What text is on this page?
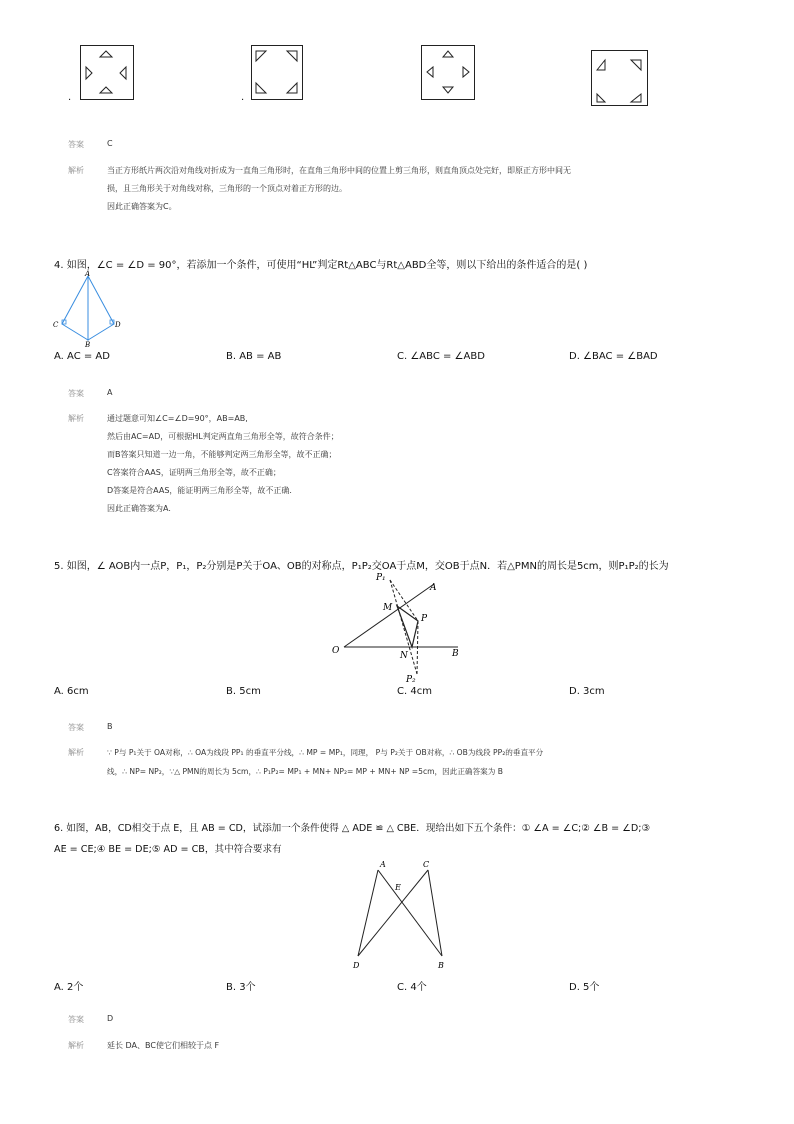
.	.
答案	C
解析	当正方形纸片两次沿对角线对折成为一直角三角形时，在直角三角形中间的位置上剪三角形，则直角顶点处完好，即原正方形中间无
损，且三角形关于对角线对称，三角形的一个顶点对着正方形的边。
因此正确答案为C。
4. 如图，∠C = ∠D = 90°，若添加一个条件，可使用“HL”判定Rt△ABC与Rt△ABD全等，则以下给出的条件适合的是( )
A
C	D
B
A. AC = AD	B. AB = AB	C. ∠ABC = ∠ABD	D. ∠BAC = ∠BAD
答案	A
解析	通过题意可知∠C=∠D=90°，AB=AB,
然后由AC=AD，可根据HL判定两直角三角形全等，故符合条件；
而B答案只知道一边一角，不能够判定两三角形全等，故不正确；
C答案符合AAS，证明两三角形全等，故不正确；
D答案是符合AAS，能证明两三角形全等，故不正确.
因此正确答案为A.
5. 如图，∠ AOB内一点P，P₁，P₂分别是P关于OA、OB的对称点，P₁P₂交OA于点M，交OB于点N．若△PMN的周长是5cm，则P₁P₂的长为
P₁
A
M
P
O	N	B
P₂
A. 6cm	B. 5cm	C. 4cm	D. 3cm
答案	B
解析	∵ P与 P₁关于 OA对称，∴ OA为线段 PP₁ 的垂直平分线，∴ MP = MP₁，同理， P与 P₂关于 OB对称，∴ OB为线段 PP₂的垂直平分
线，∴ NP= NP₂，∵△ PMN的周长为 5cm，∴ P₁P₂= MP₁ + MN+ NP₂= MP + MN+ NP =5cm，因此正确答案为 B
6. 如图，AB，CD相交于点 E，且 AB = CD，试添加一个条件使得 △ ADE ≌ △ CBE．现给出如下五个条件：① ∠A = ∠C;② ∠B = ∠D;③
AE = CE;④ BE = DE;⑤ AD = CB，其中符合要求有
A	C
E
D	B
A. 2个	B. 3个	C. 4个	D. 5个
答案	D
解析	延长 DA、BC使它们相较于点 F
